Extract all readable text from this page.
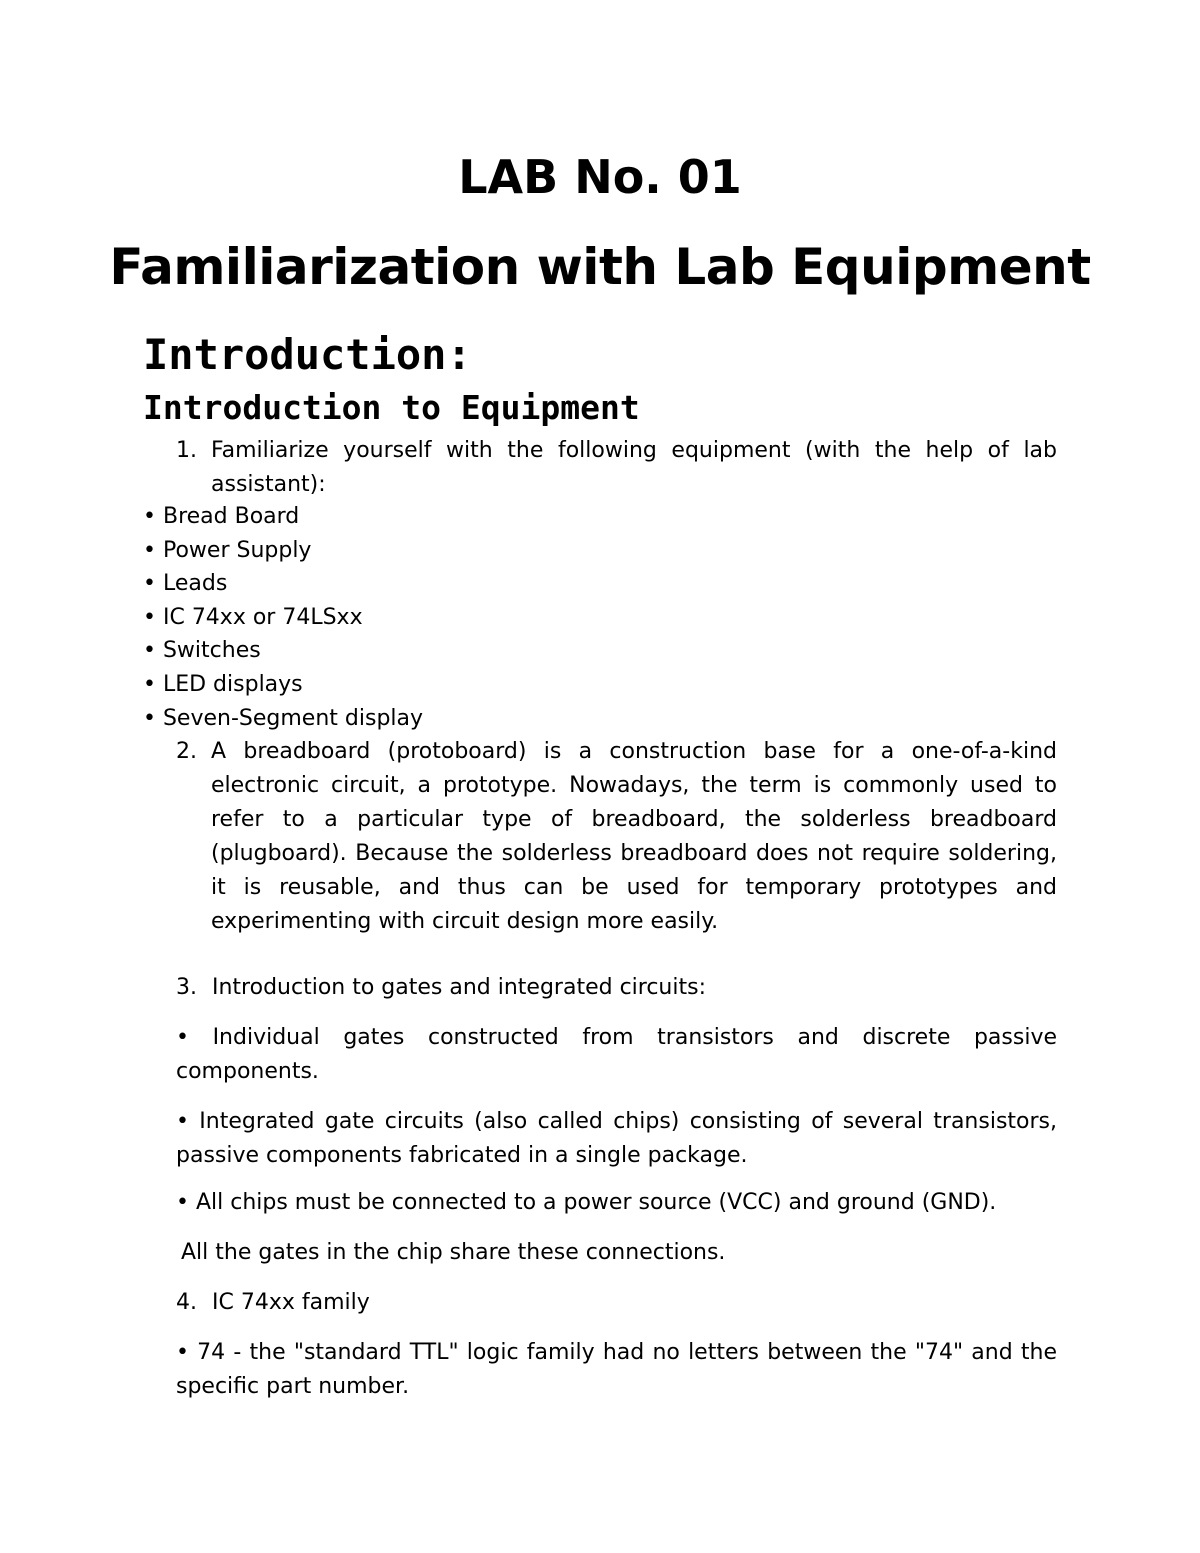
LAB No. 01
Familiarization with Lab Equipment
Introduction:
Introduction to Equipment
1. Familiarize yourself with the following equipment (with the help of lab assistant):
• Bread Board
• Power Supply
• Leads
• IC 74xx or 74LSxx
• Switches
• LED displays
• Seven-Segment display
2. A breadboard (protoboard) is a construction base for a one-of-a-kind electronic circuit, a prototype. Nowadays, the term is commonly used to refer to a particular type of breadboard, the solderless breadboard (plugboard). Because the solderless breadboard does not require soldering, it is reusable, and thus can be used for temporary prototypes and experimenting with circuit design more easily.
3. Introduction to gates and integrated circuits:
• Individual gates constructed from transistors and discrete passive components.
• Integrated gate circuits (also called chips) consisting of several transistors, passive components fabricated in a single package.
• All chips must be connected to a power source (VCC) and ground (GND).
All the gates in the chip share these connections.
4. IC 74xx family
• 74 - the "standard TTL" logic family had no letters between the "74" and the specific part number.
